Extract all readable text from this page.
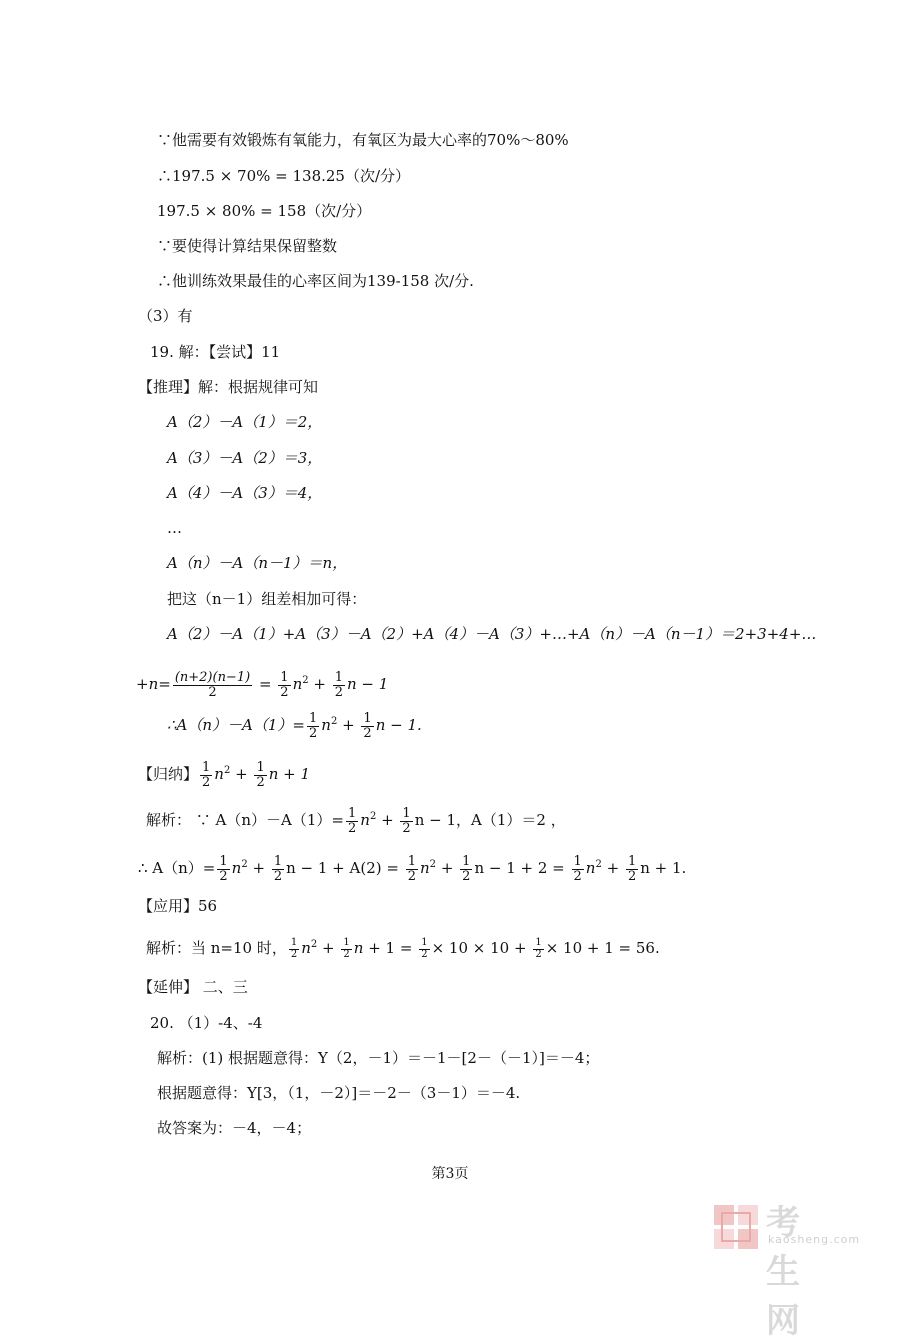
∵他需要有效锻炼有氧能力，有氧区为最大心率的70%～80%
∴197.5 × 70% = 138.25（次/分）
197.5 × 80% = 158（次/分）
∵要使得计算结果保留整数
∴他训练效果最佳的心率区间为139-158 次/分.
（3）有
19. 解：【尝试】11
【推理】解：根据规律可知
A（2）－A（1）＝2，
A（3）－A（2）＝3，
A（4）－A（3）＝4，
…
A（n）－A（n－1）＝n，
把这（n－1）组差相加可得：
A（2）－A（1）+A（3）－A（2）+A（4）－A（3）+…+A（n）－A（n－1）＝2+3+4+…
$+n= \frac{(n+2)(n-1)}{2} = \frac{1}{2} n^2 + \frac{1}{2}$ n − 1
∴A（n）－A（1）= $\frac{1}{2} n^2 + \frac{1}{2}$ n − 1.
【归纳】 $\frac{1}{2} n^2 + \frac{1}{2}$ n + 1
解析： ∵ $A(n)-A(1)= \frac{1}{2} n^2 + \frac{1}{2}$ n − 1，A（1）＝2 ，
∴ $A(n)= \frac{1}{2} n^2 + \frac{1}{2}$ $n - 1 + A(2) = \frac{1}{2} n^2 + \frac{1}{2}$ $n - 1 + 2 = \frac{1}{2} n^2 + \frac{1}{2}$ n + 1.
【应用】56
解析：当 n=10 时， $\frac{1}{2} n^2 + \frac{1}{2}$ $n + 1 = \frac{1}{2} \times 10 \times 10 + \frac{1}{2} \times 10 + 1 = 56$.
【延伸】 二、三
20. （1）-4、-4
解析：(1) 根据题意得：Y（2，－1）＝－1－[2－（－1）]＝－4；
根据题意得：Y[3，（1，－2）]＝－2－（3－1）＝－4.
故答案为：－4，－4；
第3页
考生网
kaosheng.com
